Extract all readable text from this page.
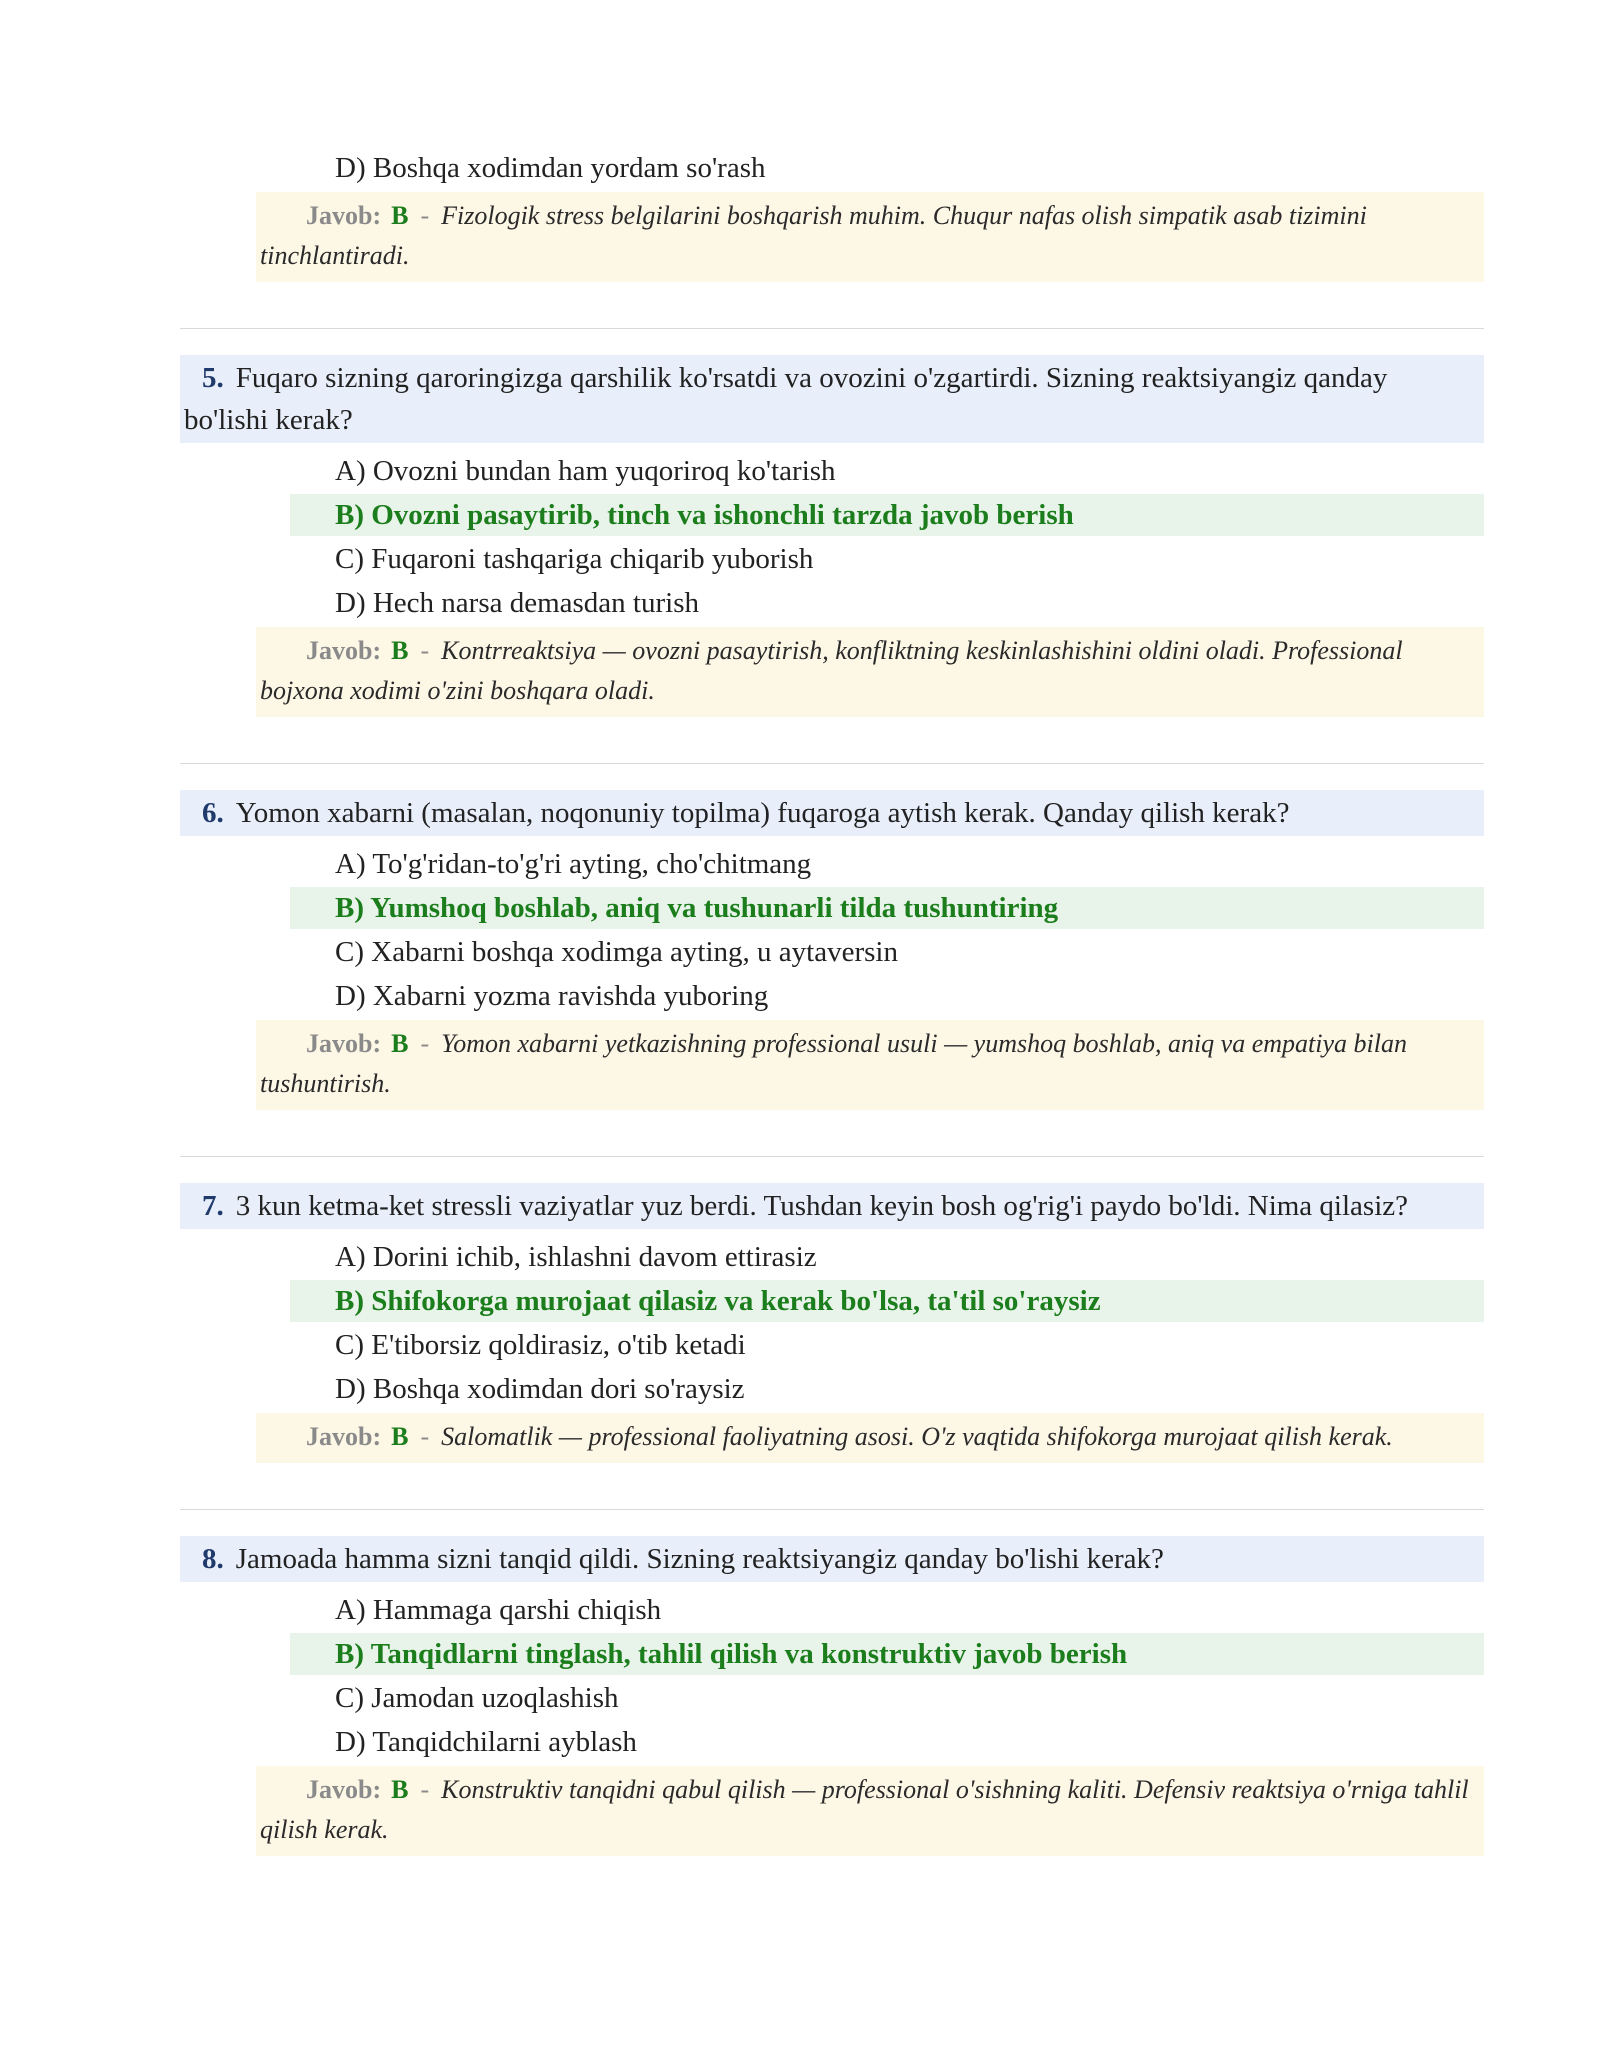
D) Boshqa xodimdan yordam so'rash
Javob: B - Fizologik stress belgilarini boshqarish muhim. Chuqur nafas olish simpatik asab tizimini tinchlantiradi.
5. Fuqaro sizning qaroringizga qarshilik ko'rsatdi va ovozini o'zgartirdi. Sizning reaktsiyangiz qanday bo'lishi kerak?
A) Ovozni bundan ham yuqoriroq ko'tarish
B) Ovozni pasaytirib, tinch va ishonchli tarzda javob berish
C) Fuqaroni tashqariga chiqarib yuborish
D) Hech narsa demasdan turish
Javob: B - Kontrreaktsiya — ovozni pasaytirish, konfliktning keskinlashishini oldini oladi. Professional bojxona xodimi o'zini boshqara oladi.
6. Yomon xabarni (masalan, noqonuniy topilma) fuqaroga aytish kerak. Qanday qilish kerak?
A) To'g'ridan-to'g'ri ayting, cho'chitmang
B) Yumshoq boshlab, aniq va tushunarli tilda tushuntiring
C) Xabarni boshqa xodimga ayting, u aytaversin
D) Xabarni yozma ravishda yuboring
Javob: B - Yomon xabarni yetkazishning professional usuli — yumshoq boshlab, aniq va empatiya bilan tushuntirish.
7. 3 kun ketma-ket stressli vaziyatlar yuz berdi. Tushdan keyin bosh og'rig'i paydo bo'ldi. Nima qilasiz?
A) Dorini ichib, ishlashni davom ettirasiz
B) Shifokorga murojaat qilasiz va kerak bo'lsa, ta'til so'raysiz
C) E'tiborsiz qoldirasiz, o'tib ketadi
D) Boshqa xodimdan dori so'raysiz
Javob: B - Salomatlik — professional faoliyatning asosi. O'z vaqtida shifokorga murojaat qilish kerak.
8. Jamoada hamma sizni tanqid qildi. Sizning reaktsiyangiz qanday bo'lishi kerak?
A) Hammaga qarshi chiqish
B) Tanqidlarni tinglash, tahlil qilish va konstruktiv javob berish
C) Jamodan uzoqlashish
D) Tanqidchilarni ayblash
Javob: B - Konstruktiv tanqidni qabul qilish — professional o'sishning kaliti. Defensiv reaktsiya o'rniga tahlil qilish kerak.
